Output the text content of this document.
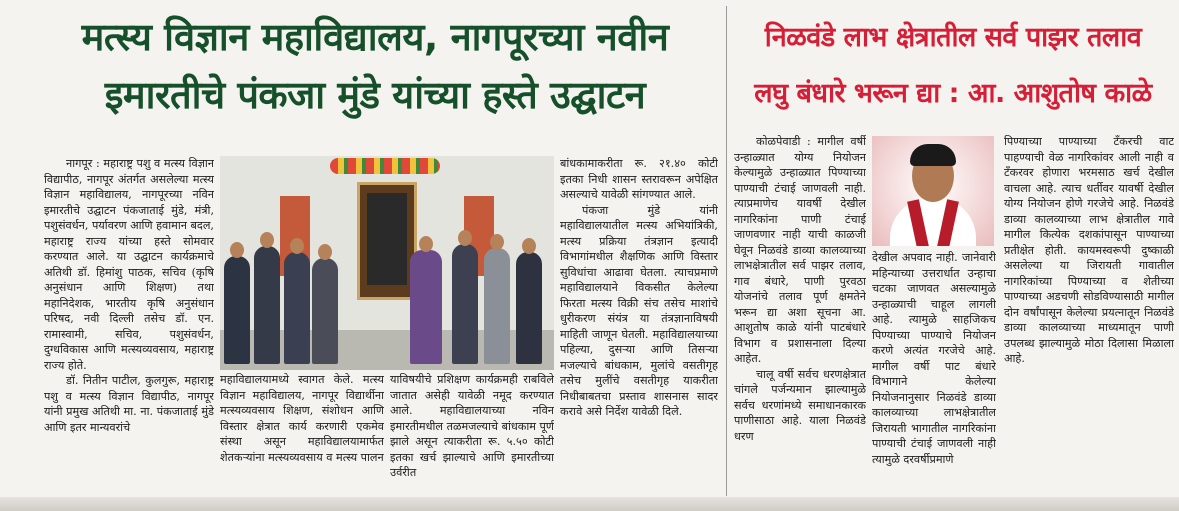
मत्स्य विज्ञान महाविद्यालय, नागपूरच्या नवीन
इमारतीचे पंकजा मुंडे यांच्या हस्ते उद्घाटन

नागपूर : महाराष्ट्र पशु व मत्स्य विज्ञान विद्यापीठ, नागपूर अंतर्गत असलेल्या मत्स्य विज्ञान महाविद्यालय, नागपूरच्या नविन इमारतीचे उद्घाटन पंकजाताई मुंडे, मंत्री, पशुसंवर्धन, पर्यावरण आणि हवामान बदल, महाराष्ट्र राज्य यांच्या हस्ते सोमवार करण्यात आले. या उद्घाटन कार्यक्रमाचे अतिथी डॉ. हिमांशु पाठक, सचिव (कृषि अनुसंधान आणि शिक्षण) तथा महानिदेशक, भारतीय कृषि अनुसंधान परिषद, नवी दिल्ली तसेच डॉ. एन. रामास्वामी, सचिव, पशुसंवर्धन, दुग्धविकास आणि मत्स्यव्यवसाय, महाराष्ट्र राज्य होते.

डॉ. नितीन पाटील, कुलगुरू, महाराष्ट्र पशु व मत्स्य विज्ञान विद्यापीठ, नागपूर यांनी प्रमुख अतिथी मा. ना. पंकजाताई मुंडे आणि इतर मान्यवरांचे

महाविद्यालयामध्ये स्वागत केले. मत्स्य विज्ञान महाविद्यालय, नागपूर विद्यार्थीना मत्स्यव्यवसाय शिक्षण, संशोधन आणि विस्तार क्षेत्रात कार्य करणारी एकमेव संस्था असून महाविद्यालयामार्फत शेतकऱ्यांना मत्स्यव्यवसाय व मत्स्य पालन

याविषयीचे प्रशिक्षण कार्यक्रमही राबविले जातात असेही यावेळी नमूद करण्यात आले. महाविद्यालयाच्या नविन इमारतीमधील तळमजल्याचे बांधकाम पूर्ण झाले असून त्याकरीता रू. ५.५० कोटी इतका खर्च झाल्याचे आणि इमारतीच्या उर्वरीत

बांधकामाकरीता रू. २१.४० कोटी इतका निधी शासन स्तरावरून अपेक्षित असल्याचे यावेळी सांगण्यात आले.

पंकजा मुंडे यांनी महाविद्यालयातील मत्स्य अभियांत्रिकी, मत्स्य प्रक्रिया तंत्रज्ञान इत्यादी विभागांमधील शैक्षणिक आणि विस्तार सुविधांचा आढावा घेतला. त्याचप्रमाणे महाविद्यालयाने विकसीत केलेल्या फिरता मत्स्य विक्री संच तसेच माशांचे धुरीकरण संयंत्र या तंत्रज्ञानाविषयी माहिती जाणून घेतली. महाविद्यालयाच्या पहिल्या, दुसऱ्या आणि तिसऱ्या मजल्याचे बांधकाम, मुलांचे वसतीगृह तसेच मुलींचे वसतीगृह याकरीता निधीबाबतचा प्रस्ताव शासनास सादर करावे असे निर्देश यावेळी दिले.

निळवंडे लाभ क्षेत्रातील सर्व पाझर तलाव
लघु बंधारे भरून द्या : आ. आशुतोष काळे

कोळपेवाडी : मागील वर्षी उन्हाळ्यात योग्य नियोजन केल्यामुळे उन्हाळ्यात पिण्याच्या पाण्याची टंचाई जाणवली नाही. त्याप्रमाणेच यावर्षी देखील नागरिकांना पाणी टंचाई जाणवणार नाही याची काळजी घेवून निळवंडे डाव्या कालव्याच्या लाभक्षेत्रातील सर्व पाझर तलाव, गाव बंधारे, पाणी पुरवठा योजनांचे तलाव पूर्ण क्षमतेने भरून द्या अशा सूचना आ. आशुतोष काळे यांनी पाटबंधारे विभाग व प्रशासनाला दिल्या आहेत.

चालू वर्षी सर्वच धरणक्षेत्रात चांगले पर्जन्यमान झाल्यामुळे सर्वच धरणांमध्ये समाधानकारक पाणीसाठा आहे. याला निळवंडे धरण

देखील अपवाद नाही. जानेवारी महिन्याच्या उत्तरार्धात उन्हाचा चटका जाणवत असल्यामुळे उन्हाळ्याची चाहूल लागली आहे. त्यामुळे साहजिकच पिण्याच्या पाण्याचे नियोजन करणे अत्यंत गरजेचे आहे. मागील वर्षी पाट बंधारे विभागाने केलेल्या नियोजनानुसार निळवंडे डाव्या कालव्याच्या लाभक्षेत्रातील जिरायती भागातील नागरिकांना पाण्याची टंचाई जाणवली नाही त्यामुळे दरवर्षीप्रमाणे

पिण्याच्या पाण्याच्या टँकरची वाट पाहण्याची वेळ नागरिकांवर आली नाही व टँकरवर होणारा भरमसाठ खर्च देखील वाचला आहे. त्याच धर्तीवर यावर्षी देखील योग्य नियोजन होणे गरजेचे आहे. निळवंडे डाव्या कालव्याच्या लाभ क्षेत्रातील गावे मागील कित्येक दशकांपासून पाण्याच्या प्रतीक्षेत होती. कायमस्वरूपी दुष्काळी असलेल्या या जिरायती गावातील नागरिकांच्या पिण्याच्या व शेतीच्या पाण्याच्या अडचणी सोडविण्यासाठी मागील दोन वर्षांपासून केलेल्या प्रयत्नातून निळवंडे डाव्या कालव्याच्या माध्यमातून पाणी उपलब्ध झाल्यामुळे मोठा दिलासा मिळाला आहे.
